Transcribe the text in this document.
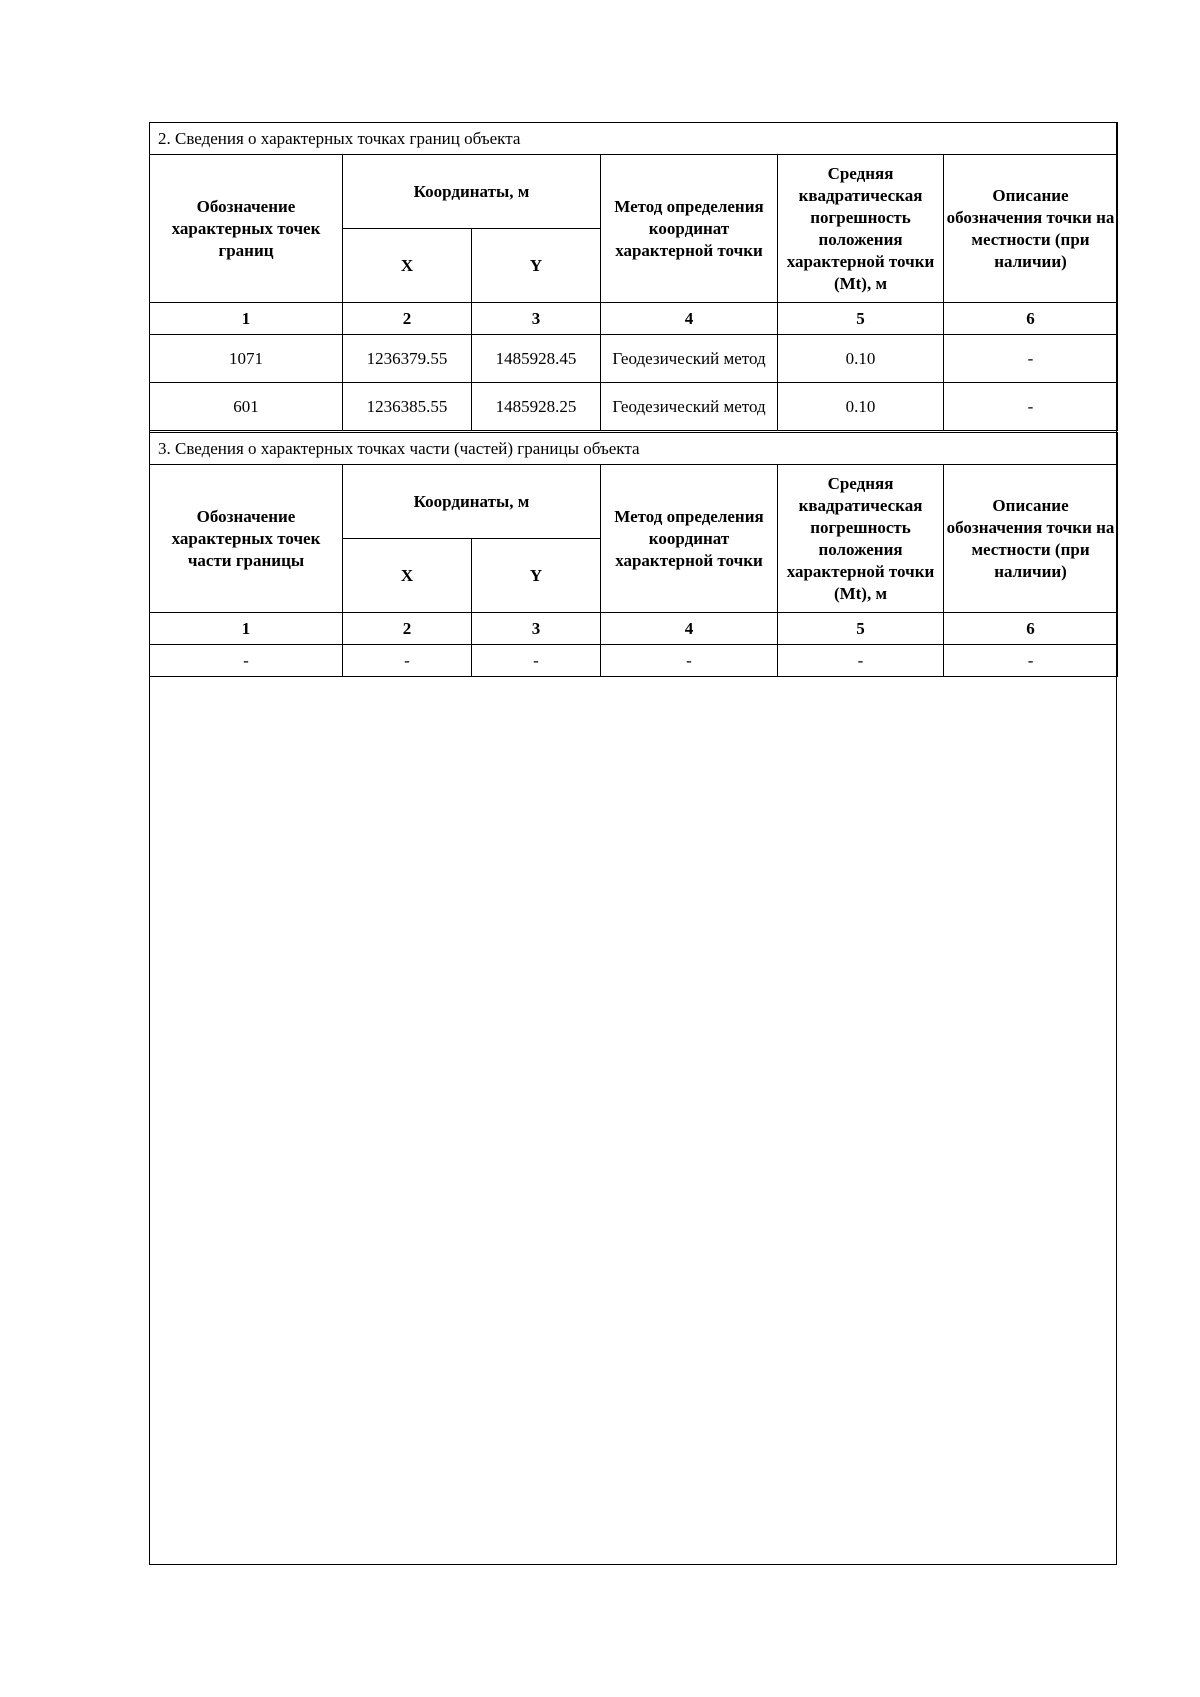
2. Сведения о характерных точках границ объекта					
Обозначение характерных точек границ	Координаты, м		Метод определения координат характерной точки	Средняя квадратическая погрешность положения характерной точки (Mt), м	Описание обозначения точки на местности (при наличии)
	X	Y			
1	2	3	4	5	6
1071	1236379.55	1485928.45	Геодезический метод	0.10	-
601	1236385.55	1485928.25	Геодезический метод	0.10	-
3. Сведения о характерных точках части (частей) границы объекта					
Обозначение характерных точек части границы	Координаты, м		Метод определения координат характерной точки	Средняя квадратическая погрешность положения характерной точки (Mt), м	Описание обозначения точки на местности (при наличии)
	X	Y			
1	2	3	4	5	6
-	-	-	-	-	-
